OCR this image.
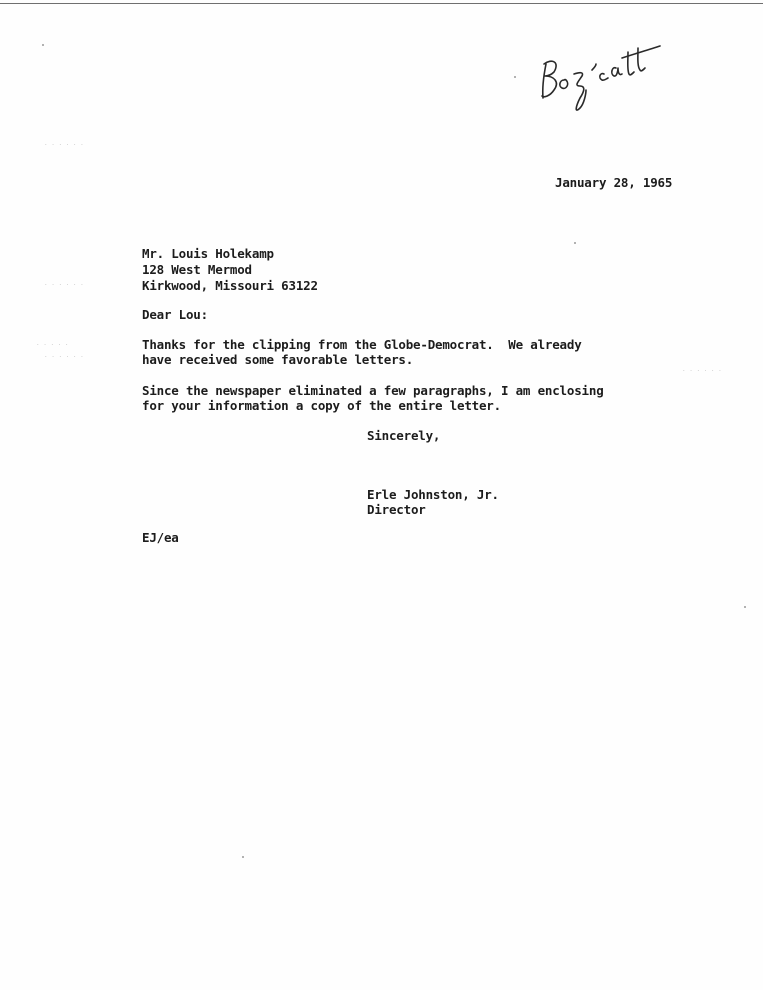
. . . . . .
. . . . . .
. . . . .
. . . . . .
. . . . . .
January 28, 1965
Mr. Louis Holekamp
128 West Mermod
Kirkwood, Missouri 63122
Dear Lou:
Thanks for the clipping from the Globe-Democrat.  We already
have received some favorable letters.
Since the newspaper eliminated a few paragraphs, I am enclosing
for your information a copy of the entire letter.
Sincerely,
Erle Johnston, Jr.
Director
EJ/ea
